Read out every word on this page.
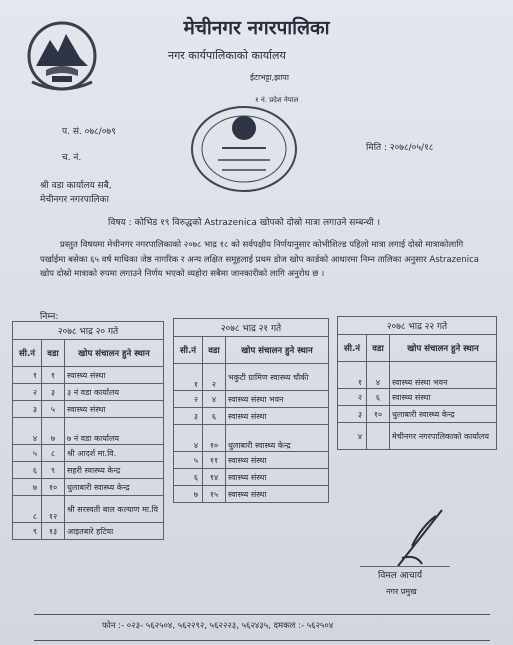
मेचीनगर नगरपालिका
नगर कार्यपालिकाको कार्यालय
ईटाभट्टा,झापा
१ नं. प्रदेश नेपाल
प. सं. ०७८/०७९
च. नं.
मिति : २०७८/०५/१८
श्री वडा कार्यालय सबै,
मेचीनगर नगरपालिका
विषय : कोभिड १९ विरुद्धको Astrazenica खोपको दोस्रो मात्रा लगाउने सम्बन्धी ।
प्रस्तुत विषयमा मेचीनगर नगरपालिकाको २०७८ भाद्र १८ को सर्वपक्षीय निर्णयानुसार कोभीशिल्ड पहिलो मात्रा लगाई दोस्रो मात्राकोलागि पर्खाईमा बसेका ६५ वर्ष माथिका जेष्ठ नागरिक र अन्य लक्षित समूहलाई प्रथम डोज खोप कार्डको आधारमा निम्न तालिका अनुसार Astrazenica खोप दोस्रो मात्राको रुपमा लगाउने निर्णय भएको व्यहोरा सबैमा जानकारीको लागि अनुरोध छ ।
निम्न:
२०७८ भाद्र २० गते		
सी.नं	वडा	खोप संचालन हुने स्थान
१	१	स्वास्थ्य संस्था
२	३	३ नं वडा कार्यालय
३	५	स्वास्थ्य संस्था
४	७	७ नं वडा कार्यालय
५	८	श्री आदर्श मा.वि.
६	९	सहरी स्वास्थ्य केन्द्र
७	१०	धुलाबारी स्वास्थ्य केन्द्र
८	१२	श्री सरस्वती बाल कल्याण मा.वि
९	१३	आइतबारे हटिया
२०७८ भाद्र २१ गते		
सी.नं	वडा	खोप संचालन हुने स्थान
१	२	भकुटी ग्रामिण स्वास्थ्य चौकी
२	४	स्वास्थ्य संस्था भवन
३	६	स्वास्थ्य संस्था
४	१०	धुलाबारी स्वास्थ्य केन्द्र
५	११	स्वास्थ्य संस्था
६	१४	स्वास्थ्य संस्था
७	१५	स्वास्थ्य संस्था
२०७८ भाद्र २२ गते		
सी.नं	वडा	खोप संचालन हुने स्थान
१	४	स्वास्थ्य संस्था भवन
२	६	स्वास्थ्य संस्था
३	१०	धुलाबारी स्वास्थ्य केन्द्र
४		मेचीनगर नगरपालिकाको कार्यालय
विमल आचार्य
नगर प्रमुख
फोन :- ०२३- ५६२५०४, ५६२२९२, ५६२२२३, ५६२४३५, दमकल :- ५६२५०४
